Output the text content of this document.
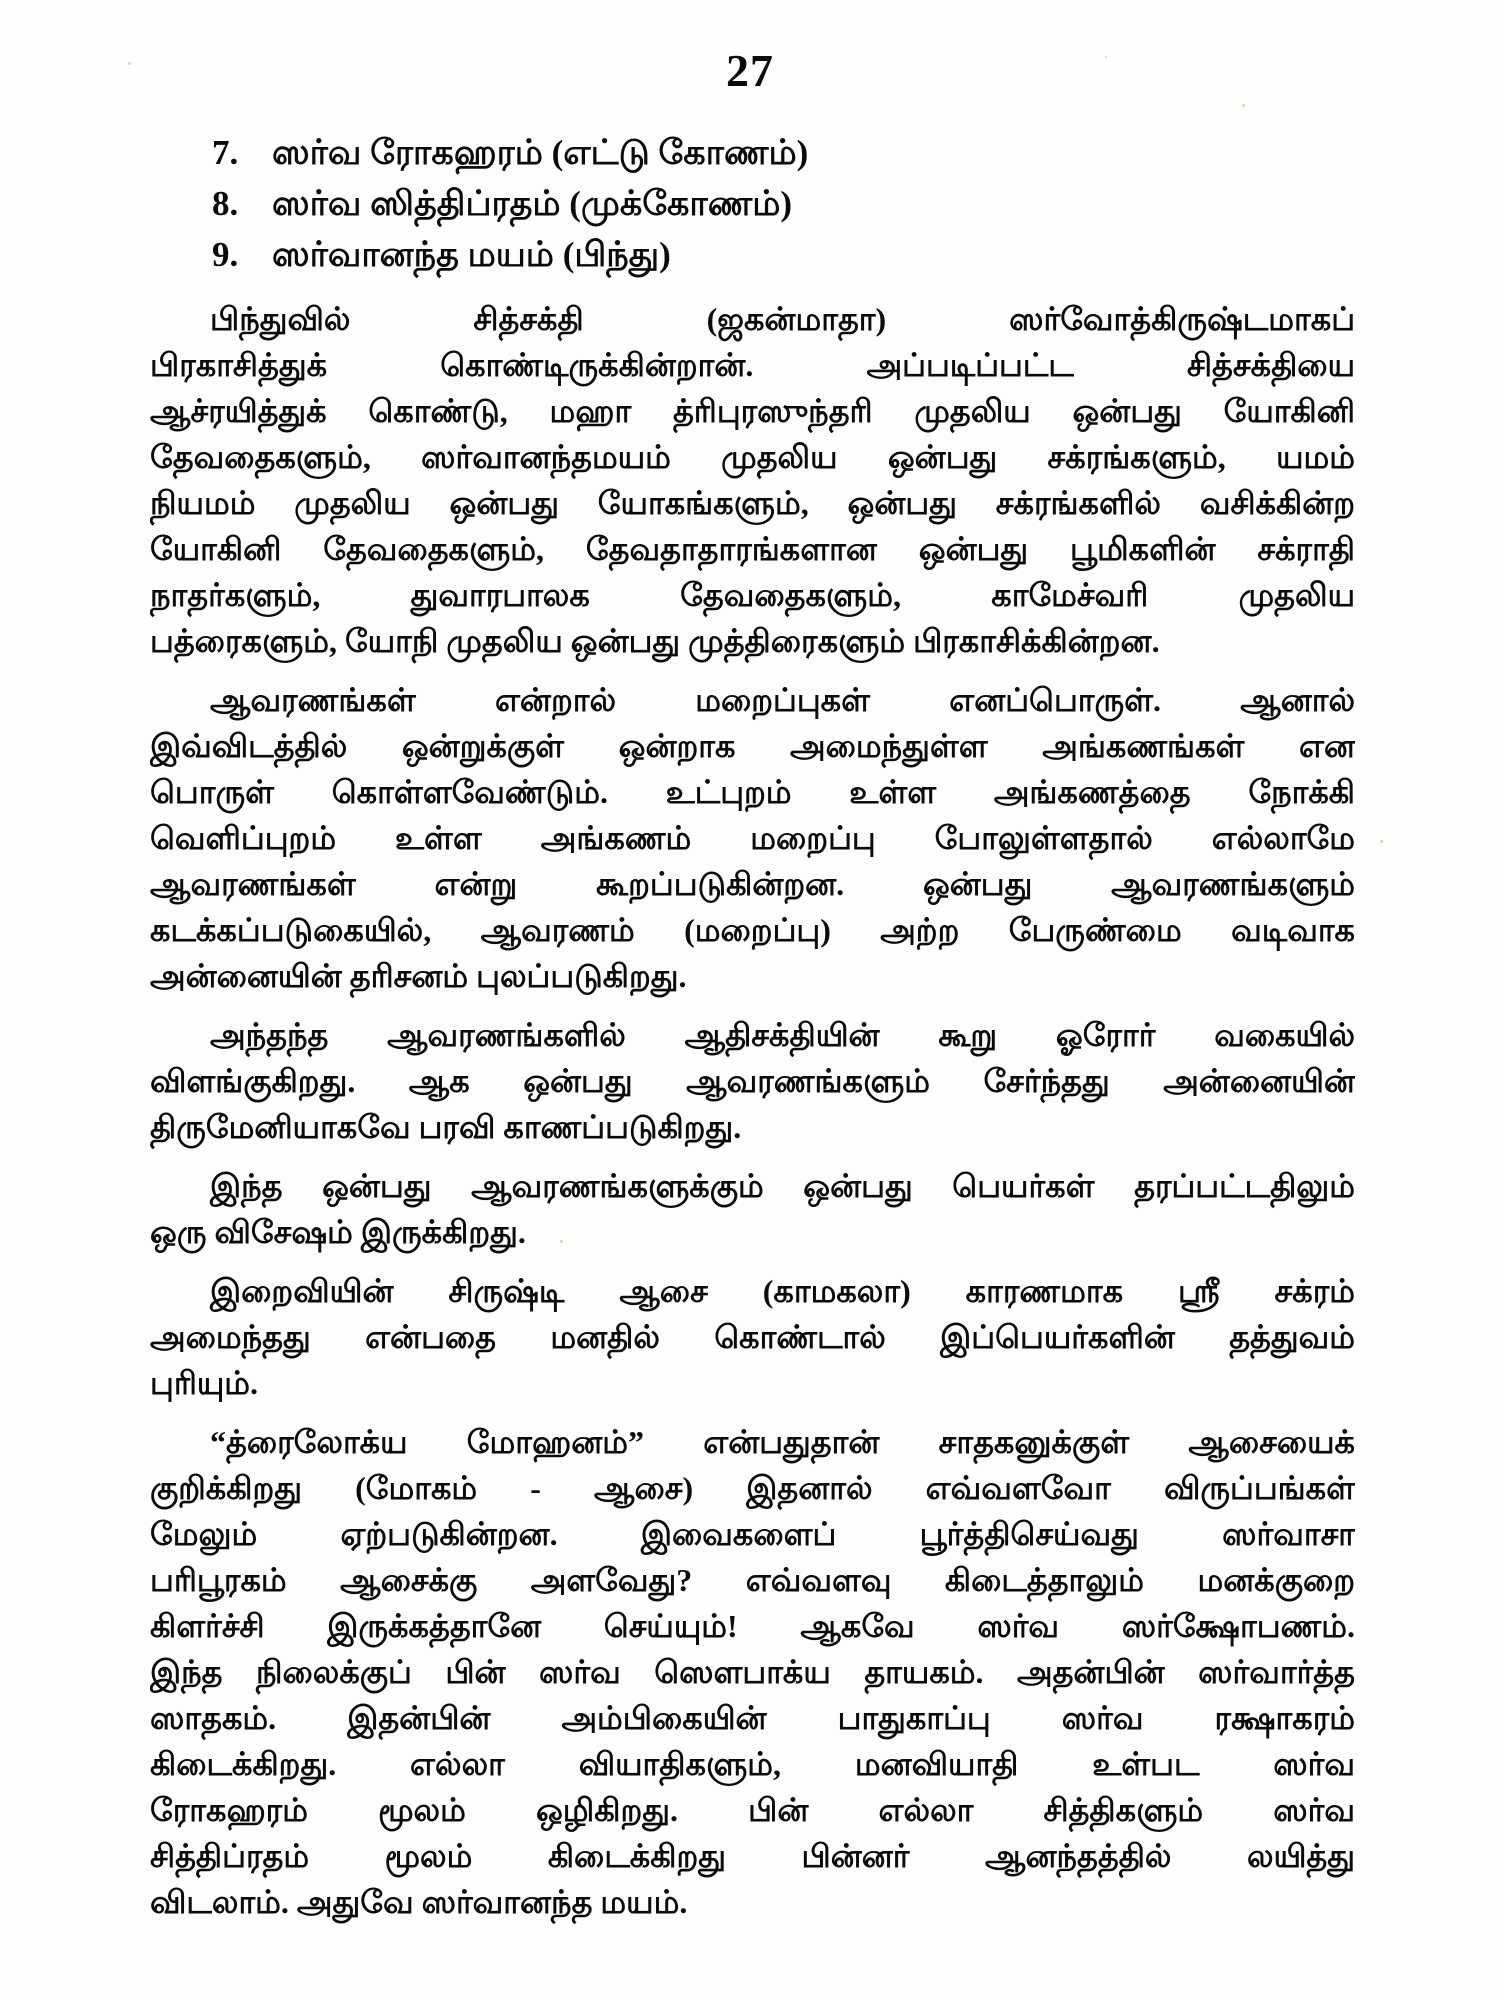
27
7. ஸர்வ ரோகஹரம் (எட்டு கோணம்)
8. ஸர்வ ஸித்திப்ரதம் (முக்கோணம்)
9. ஸர்வானந்த மயம் (பிந்து)
பிந்துவில் சித்சக்தி (ஜகன்மாதா) ஸர்வோத்கிருஷ்டமாகப்
பிரகாசித்துக் கொண்டிருக்கின்றான். அப்படிப்பட்ட சித்சக்தியை
ஆச்ரயித்துக் கொண்டு, மஹா த்ரிபுரஸுந்தரி முதலிய ஒன்பது யோகினி
தேவதைகளும், ஸர்வானந்தமயம் முதலிய ஒன்பது சக்ரங்களும், யமம்
நியமம் முதலிய ஒன்பது யோகங்களும், ஒன்பது சக்ரங்களில் வசிக்கின்ற
யோகினி தேவதைகளும், தேவதாதாரங்களான ஒன்பது பூமிகளின் சக்ராதி
நாதர்களும், துவாரபாலக தேவதைகளும், காமேச்வரி முதலிய
பத்ரைகளும், யோநி முதலிய ஒன்பது முத்திரைகளும் பிரகாசிக்கின்றன.
ஆவரணங்கள் என்றால் மறைப்புகள் எனப்பொருள். ஆனால்
இவ்விடத்தில் ஒன்றுக்குள் ஒன்றாக அமைந்துள்ள அங்கணங்கள் என
பொருள் கொள்ளவேண்டும். உட்புறம் உள்ள அங்கணத்தை நோக்கி
வெளிப்புறம் உள்ள அங்கணம் மறைப்பு போலுள்ளதால் எல்லாமே
ஆவரணங்கள் என்று கூறப்படுகின்றன. ஒன்பது ஆவரணங்களும்
கடக்கப்படுகையில், ஆவரணம் (மறைப்பு) அற்ற பேருண்மை வடிவாக
அன்னையின் தரிசனம் புலப்படுகிறது.
அந்தந்த ஆவரணங்களில் ஆதிசக்தியின் கூறு ஓரோர் வகையில்
விளங்குகிறது. ஆக ஒன்பது ஆவரணங்களும் சேர்ந்தது அன்னையின்
திருமேனியாகவே பரவி காணப்படுகிறது.
இந்த ஒன்பது ஆவரணங்களுக்கும் ஒன்பது பெயர்கள் தரப்பட்டதிலும்
ஒரு விசேஷம் இருக்கிறது.
இறைவியின் சிருஷ்டி ஆசை (காமகலா) காரணமாக ஸ்ரீ சக்ரம்
அமைந்தது என்பதை மனதில் கொண்டால் இப்பெயர்களின் தத்துவம்
புரியும்.
“த்ரைலோக்ய மோஹனம்” என்பதுதான் சாதகனுக்குள் ஆசையைக்
குறிக்கிறது (மோகம் - ஆசை) இதனால் எவ்வளவோ விருப்பங்கள்
மேலும் ஏற்படுகின்றன. இவைகளைப் பூர்த்திசெய்வது ஸர்வாசா
பரிபூரகம் ஆசைக்கு அளவேது? எவ்வளவு கிடைத்தாலும் மனக்குறை
கிளர்ச்சி இருக்கத்தானே செய்யும்! ஆகவே ஸர்வ ஸர்க்ஷோபணம்.
இந்த நிலைக்குப் பின் ஸர்வ ஸௌபாக்ய தாயகம். அதன்பின் ஸர்வார்த்த
ஸாதகம். இதன்பின் அம்பிகையின் பாதுகாப்பு ஸர்வ ரக்ஷாகரம்
கிடைக்கிறது. எல்லா வியாதிகளும், மனவியாதி உள்பட ஸர்வ
ரோகஹரம் மூலம் ஒழிகிறது. பின் எல்லா சித்திகளும் ஸர்வ
சித்திப்ரதம் மூலம் கிடைக்கிறது பின்னர் ஆனந்தத்தில் லயித்து
விடலாம். அதுவே ஸர்வானந்த மயம்.
